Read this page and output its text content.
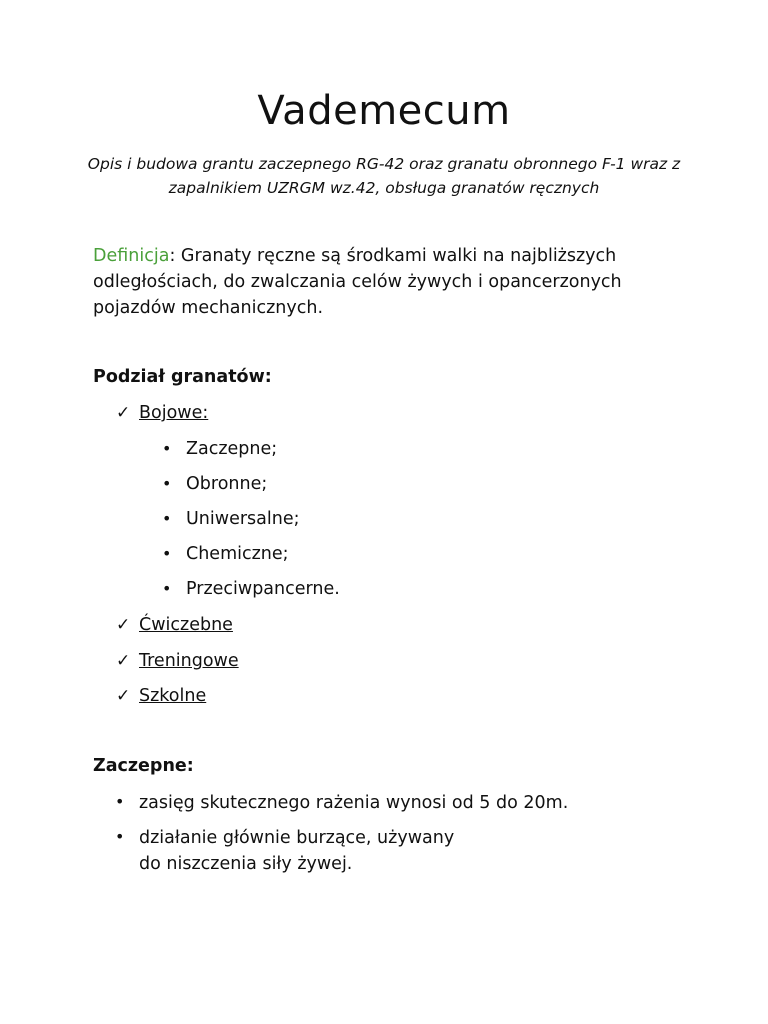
Vademecum

Opis i budowa grantu zaczepnego RG-42 oraz granatu obronnego F-1 wraz z zapalnikiem UZRGM wz.42, obsługa granatów ręcznych

Definicja: Granaty ręczne są środkami walki na najbliższych odległościach, do zwalczania celów żywych i opancerzonych pojazdów mechanicznych.

Podział granatów:

✓ Bojowe:
• Zaczepne;
• Obronne;
• Uniwersalne;
• Chemiczne;
• Przeciwpancerne.
✓ Ćwiczebne
✓ Treningowe
✓ Szkolne

Zaczepne:

• zasięg skutecznego rażenia wynosi od 5 do 20m.
• działanie głównie burzące, używany
do niszczenia siły żywej.
